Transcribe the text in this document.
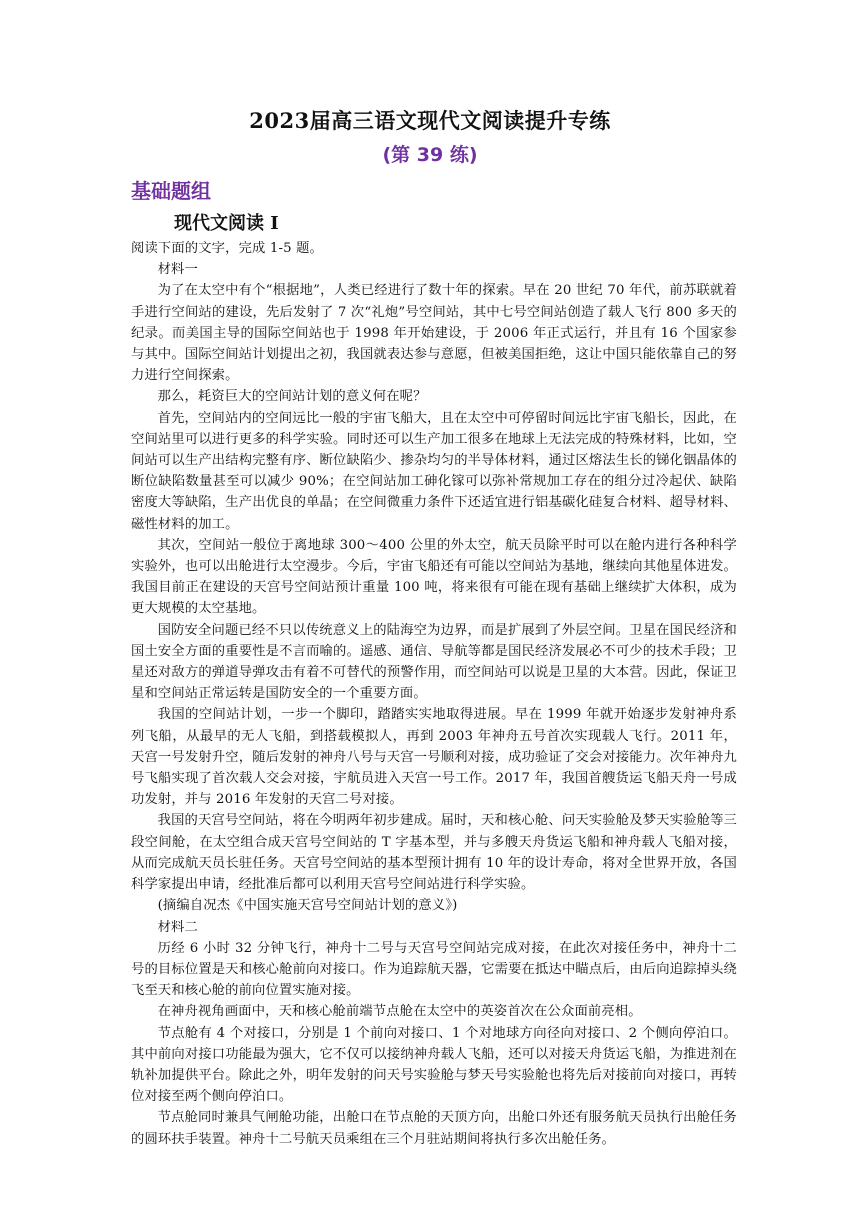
2023届高三语文现代文阅读提升专练
(第 39 练)
基础题组
现代文阅读 I

阅读下面的文字，完成 1-5 题。

材料一

为了在太空中有个“根据地”，人类已经进行了数十年的探索。早在 20 世纪 70 年代，前苏联就着手进行空间站的建设，先后发射了 7 次“礼炮”号空间站，其中七号空间站创造了载人飞行 800 多天的纪录。而美国主导的国际空间站也于 1998 年开始建设，于 2006 年正式运行，并且有 16 个国家参与其中。国际空间站计划提出之初，我国就表达参与意愿，但被美国拒绝，这让中国只能依靠自己的努力进行空间探索。

那么，耗资巨大的空间站计划的意义何在呢？

首先，空间站内的空间远比一般的宇宙飞船大，且在太空中可停留时间远比宇宙飞船长，因此，在空间站里可以进行更多的科学实验。同时还可以生产加工很多在地球上无法完成的特殊材料，比如，空间站可以生产出结构完整有序、断位缺陷少、掺杂均匀的半导体材料，通过区熔法生长的锑化铟晶体的断位缺陷数量甚至可以减少 90%；在空间站加工砷化镓可以弥补常规加工存在的组分过冷起伏、缺陷密度大等缺陷，生产出优良的单晶；在空间微重力条件下还适宜进行铝基碳化硅复合材料、超导材料、磁性材料的加工。

其次，空间站一般位于离地球 300～400 公里的外太空，航天员除平时可以在舱内进行各种科学实验外，也可以出舱进行太空漫步。今后，宇宙飞船还有可能以空间站为基地，继续向其他星体进发。我国目前正在建设的天宫号空间站预计重量 100 吨，将来很有可能在现有基础上继续扩大体积，成为更大规模的太空基地。

国防安全问题已经不只以传统意义上的陆海空为边界，而是扩展到了外层空间。卫星在国民经济和国土安全方面的重要性是不言而喻的。遥感、通信、导航等都是国民经济发展必不可少的技术手段；卫星还对敌方的弹道导弹攻击有着不可替代的预警作用，而空间站可以说是卫星的大本营。因此，保证卫星和空间站正常运转是国防安全的一个重要方面。

我国的空间站计划，一步一个脚印，踏踏实实地取得进展。早在 1999 年就开始逐步发射神舟系列飞船，从最早的无人飞船，到搭载模拟人，再到 2003 年神舟五号首次实现载人飞行。2011 年，天宫一号发射升空，随后发射的神舟八号与天宫一号顺利对接，成功验证了交会对接能力。次年神舟九号飞船实现了首次载人交会对接，宇航员进入天宫一号工作。2017 年，我国首艘货运飞船天舟一号成功发射，并与 2016 年发射的天宫二号对接。

我国的天宫号空间站，将在今明两年初步建成。届时，天和核心舱、问天实验舱及梦天实验舱等三段空间舱，在太空组合成天宫号空间站的 T 字基本型，并与多艘天舟货运飞船和神舟载人飞船对接，从而完成航天员长驻任务。天宫号空间站的基本型预计拥有 10 年的设计寿命，将对全世界开放，各国科学家提出申请，经批准后都可以利用天宫号空间站进行科学实验。

(摘编自况杰《中国实施天宫号空间站计划的意义》)

材料二

历经 6 小时 32 分钟飞行，神舟十二号与天宫号空间站完成对接，在此次对接任务中，神舟十二号的目标位置是天和核心舱前向对接口。作为追踪航天器，它需要在抵达中瞄点后，由后向追踪掉头绕飞至天和核心舱的前向位置实施对接。

在神舟视角画面中，天和核心舱前端节点舱在太空中的英姿首次在公众面前亮相。

节点舱有 4 个对接口，分别是 1 个前向对接口、1 个对地球方向径向对接口、2 个侧向停泊口。其中前向对接口功能最为强大，它不仅可以接纳神舟载人飞船，还可以对接天舟货运飞船，为推进剂在轨补加提供平台。除此之外，明年发射的问天号实验舱与梦天号实验舱也将先后对接前向对接口，再转位对接至两个侧向停泊口。

节点舱同时兼具气闸舱功能，出舱口在节点舱的天顶方向，出舱口外还有服务航天员执行出舱任务的圆环扶手装置。神舟十二号航天员乘组在三个月驻站期间将执行多次出舱任务。
